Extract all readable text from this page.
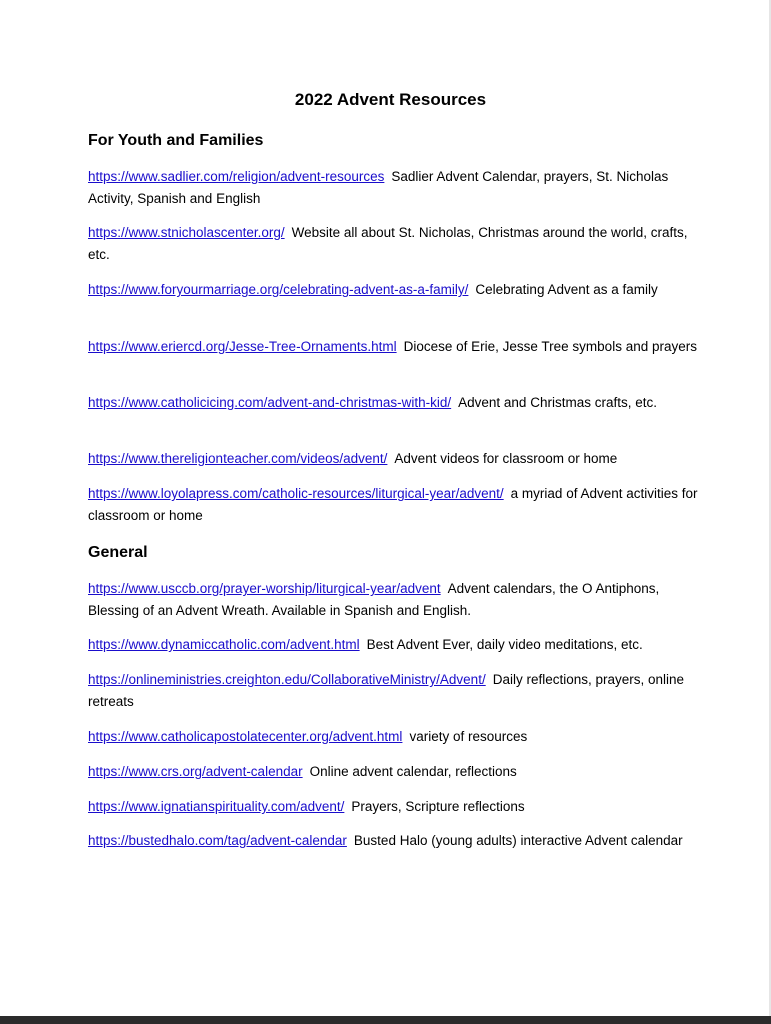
2022 Advent Resources
For Youth and Families
https://www.sadlier.com/religion/advent-resources Sadlier Advent Calendar, prayers, St. Nicholas Activity, Spanish and English
https://www.stnicholascenter.org/ Website all about St. Nicholas, Christmas around the world, crafts, etc.
https://www.foryourmarriage.org/celebrating-advent-as-a-family/ Celebrating Advent as a family
https://www.eriercd.org/Jesse-Tree-Ornaments.html Diocese of Erie, Jesse Tree symbols and prayers
https://www.catholicicing.com/advent-and-christmas-with-kid/ Advent and Christmas crafts, etc.
https://www.thereligionteacher.com/videos/advent/ Advent videos for classroom or home
https://www.loyolapress.com/catholic-resources/liturgical-year/advent/ a myriad of Advent activities for classroom or home
General
https://www.usccb.org/prayer-worship/liturgical-year/advent Advent calendars, the O Antiphons, Blessing of an Advent Wreath. Available in Spanish and English.
https://www.dynamiccatholic.com/advent.html Best Advent Ever, daily video meditations, etc.
https://onlineministries.creighton.edu/CollaborativeMinistry/Advent/ Daily reflections, prayers, online retreats
https://www.catholicapostolatecenter.org/advent.html variety of resources
https://www.crs.org/advent-calendar Online advent calendar, reflections
https://www.ignatianspirituality.com/advent/ Prayers, Scripture reflections
https://bustedhalo.com/tag/advent-calendar Busted Halo (young adults) interactive Advent calendar
